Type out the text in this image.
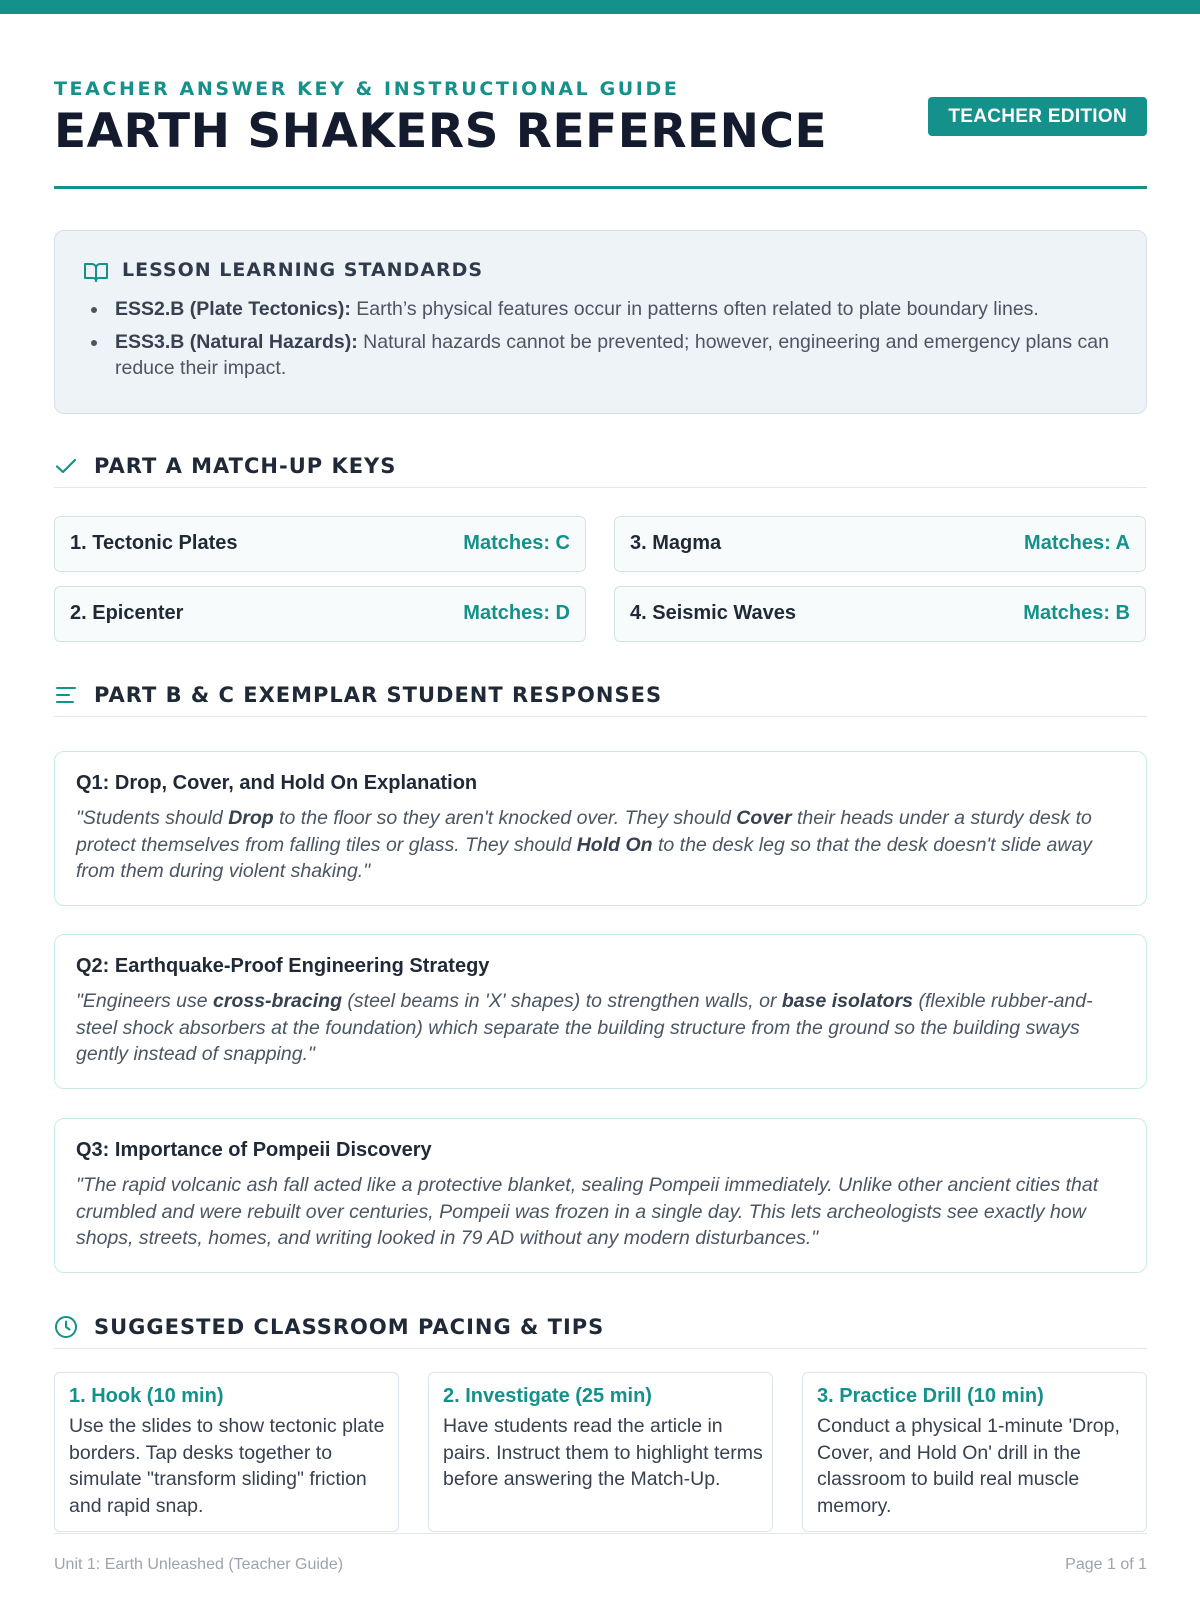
TEACHER ANSWER KEY & INSTRUCTIONAL GUIDE
EARTH SHAKERS REFERENCE	TEACHER EDITION
LESSON LEARNING STANDARDS
ESS2.B (Plate Tectonics): Earth’s physical features occur in patterns often related to plate boundary lines.
ESS3.B (Natural Hazards): Natural hazards cannot be prevented; however, engineering and emergency plans can reduce their impact.
PART A MATCH-UP KEYS
1. Tectonic Plates	Matches: C
2. Epicenter	Matches: D
3. Magma	Matches: A
4. Seismic Waves	Matches: B
PART B & C EXEMPLAR STUDENT RESPONSES
Q1: Drop, Cover, and Hold On Explanation
"Students should Drop to the floor so they aren't knocked over. They should Cover their heads under a sturdy desk to protect themselves from falling tiles or glass. They should Hold On to the desk leg so that the desk doesn't slide away from them during violent shaking."
Q2: Earthquake-Proof Engineering Strategy
"Engineers use cross-bracing (steel beams in 'X' shapes) to strengthen walls, or base isolators (flexible rubber-and-steel shock absorbers at the foundation) which separate the building structure from the ground so the building sways gently instead of snapping."
Q3: Importance of Pompeii Discovery
"The rapid volcanic ash fall acted like a protective blanket, sealing Pompeii immediately. Unlike other ancient cities that crumbled and were rebuilt over centuries, Pompeii was frozen in a single day. This lets archeologists see exactly how shops, streets, homes, and writing looked in 79 AD without any modern disturbances."
SUGGESTED CLASSROOM PACING & TIPS
1. Hook (10 min)
Use the slides to show tectonic plate borders. Tap desks together to simulate "transform sliding" friction and rapid snap.
2. Investigate (25 min)
Have students read the article in pairs. Instruct them to highlight terms before answering the Match-Up.
3. Practice Drill (10 min)
Conduct a physical 1-minute 'Drop, Cover, and Hold On' drill in the classroom to build real muscle memory.
Unit 1: Earth Unleashed (Teacher Guide)	Page 1 of 1
